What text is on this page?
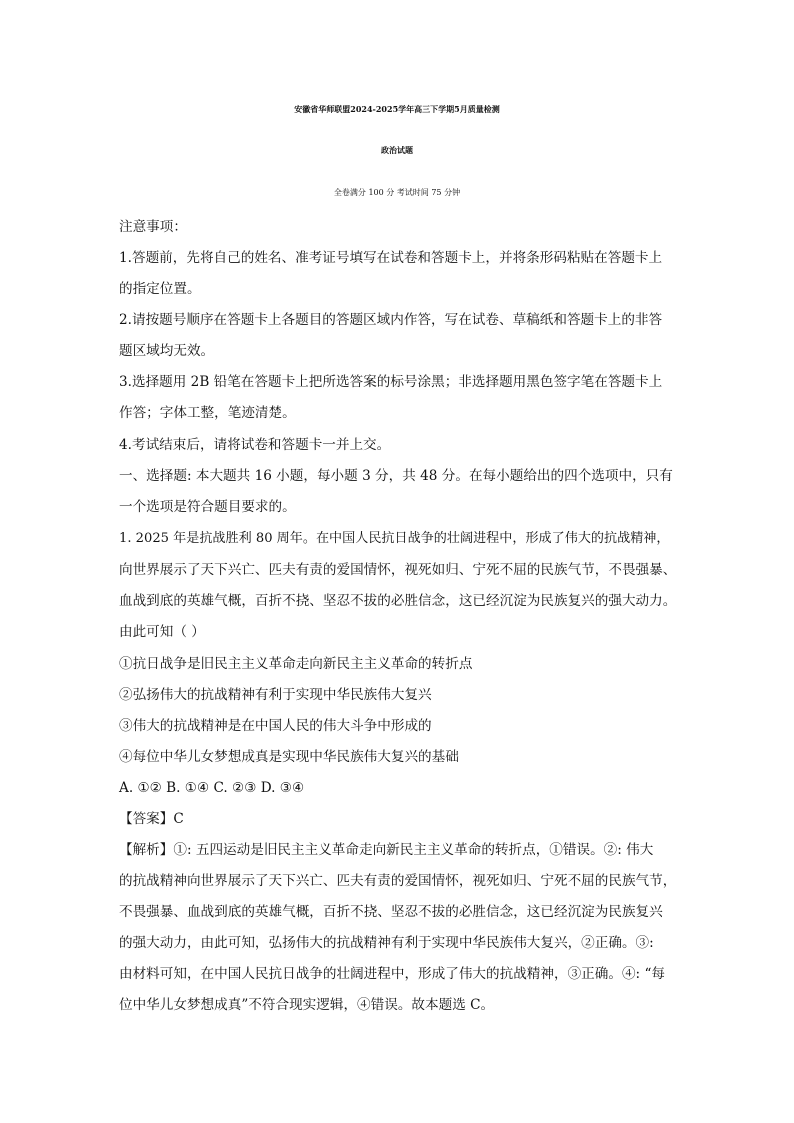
安徽省华师联盟2024-2025学年高三下学期5月质量检测
政治试题
全卷满分 100 分 考试时间 75 分钟
注意事项：
1.答题前，先将自己的姓名、准考证号填写在试卷和答题卡上，并将条形码粘贴在答题卡上
的指定位置。
2.请按题号顺序在答题卡上各题目的答题区域内作答，写在试卷、草稿纸和答题卡上的非答
题区域均无效。
3.选择题用 2B 铅笔在答题卡上把所选答案的标号涂黑；非选择题用黑色签字笔在答题卡上
作答；字体工整，笔迹清楚。
4.考试结束后，请将试卷和答题卡一并上交。
一、选择题: 本大题共 16 小题，每小题 3 分，共 48 分。在每小题给出的四个选项中，只有
一个选项是符合题目要求的。
1. 2025 年是抗战胜利 80 周年。在中国人民抗日战争的壮阔进程中，形成了伟大的抗战精神，
向世界展示了天下兴亡、匹夫有责的爱国情怀，视死如归、宁死不屈的民族气节，不畏强暴、
血战到底的英雄气概，百折不挠、坚忍不拔的必胜信念，这已经沉淀为民族复兴的强大动力。
由此可知（ ）
①抗日战争是旧民主主义革命走向新民主主义革命的转折点
②弘扬伟大的抗战精神有利于实现中华民族伟大复兴
③伟大的抗战精神是在中国人民的伟大斗争中形成的
④每位中华儿女梦想成真是实现中华民族伟大复兴的基础
A. ①② B. ①④ C. ②③ D. ③④
【答案】C
【解析】①: 五四运动是旧民主主义革命走向新民主主义革命的转折点，①错误。②: 伟大
的抗战精神向世界展示了天下兴亡、匹夫有责的爱国情怀，视死如归、宁死不屈的民族气节，
不畏强暴、血战到底的英雄气概，百折不挠、坚忍不拔的必胜信念，这已经沉淀为民族复兴
的强大动力，由此可知，弘扬伟大的抗战精神有利于实现中华民族伟大复兴，②正确。③:
由材料可知，在中国人民抗日战争的壮阔进程中，形成了伟大的抗战精神，③正确。④: “每
位中华儿女梦想成真”不符合现实逻辑，④错误。故本题选 C。
